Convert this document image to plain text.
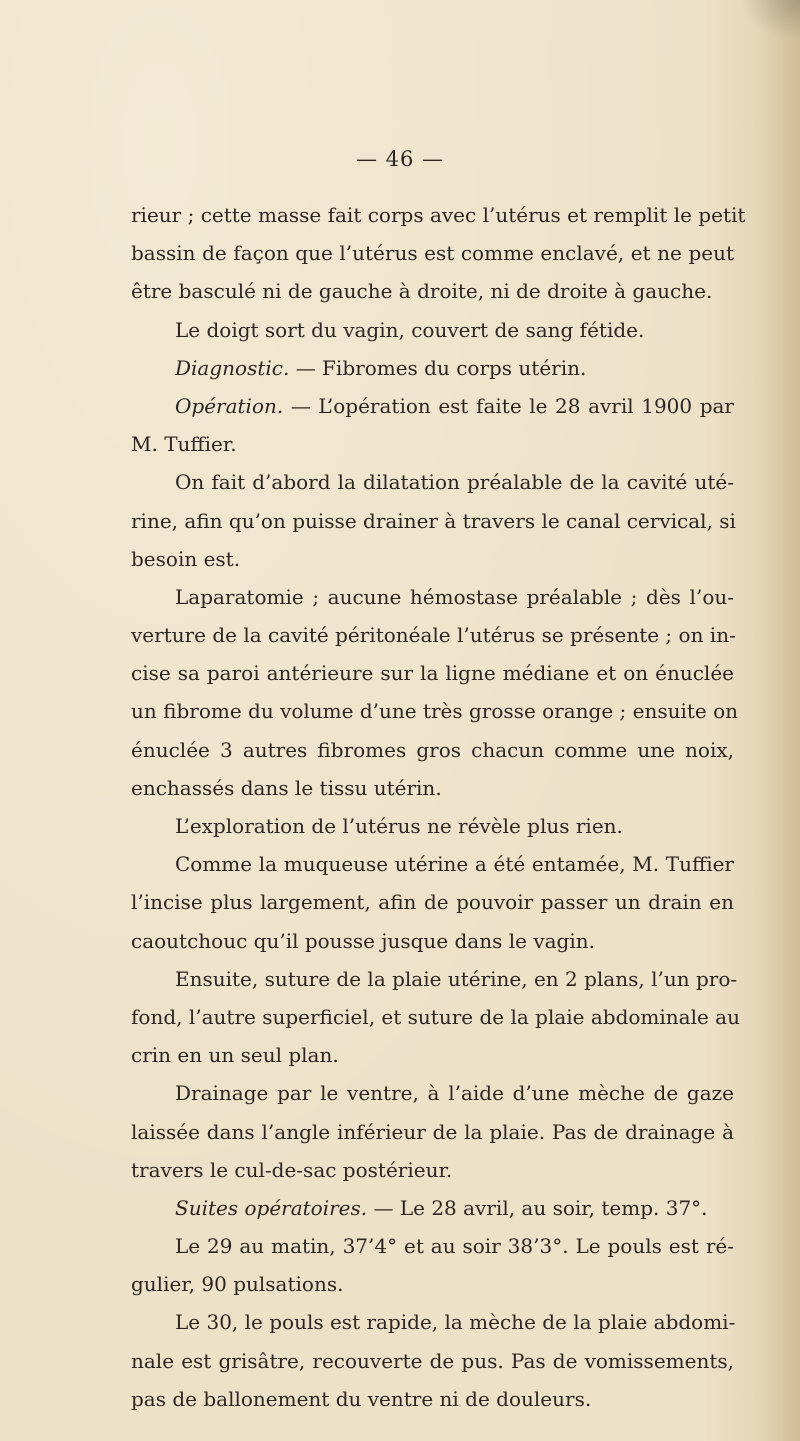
— 46 —
rieur ; cette masse fait corps avec l’utérus et remplit le petit
bassin de façon que l’utérus est comme enclavé, et ne peut
être basculé ni de gauche à droite, ni de droite à gauche.
Le doigt sort du vagin, couvert de sang fétide.
Diagnostic. — Fibromes du corps utérin.
Opération. — L’opération est faite le 28 avril 1900 par
M. Tuffier.
On fait d’abord la dilatation préalable de la cavité uté-
rine, afin qu’on puisse drainer à travers le canal cervical, si
besoin est.
Laparatomie ; aucune hémostase préalable ; dès l’ou-
verture de la cavité péritonéale l’utérus se présente ; on in-
cise sa paroi antérieure sur la ligne médiane et on énuclée
un fibrome du volume d’une très grosse orange ; ensuite on
énuclée 3 autres fibromes gros chacun comme une noix,
enchassés dans le tissu utérin.
L’exploration de l’utérus ne révèle plus rien.
Comme la muqueuse utérine a été entamée, M. Tuffier
l’incise plus largement, afin de pouvoir passer un drain en
caoutchouc qu’il pousse jusque dans le vagin.
Ensuite, suture de la plaie utérine, en 2 plans, l’un pro-
fond, l’autre superficiel, et suture de la plaie abdominale au
crin en un seul plan.
Drainage par le ventre, à l’aide d’une mèche de gaze
laissée dans l’angle inférieur de la plaie. Pas de drainage à
travers le cul-de-sac postérieur.
Suites opératoires. — Le 28 avril, au soir, temp. 37°.
Le 29 au matin, 37’4° et au soir 38’3°. Le pouls est ré-
gulier, 90 pulsations.
Le 30, le pouls est rapide, la mèche de la plaie abdomi-
nale est grisâtre, recouverte de pus. Pas de vomissements,
pas de ballonement du ventre ni de douleurs.
